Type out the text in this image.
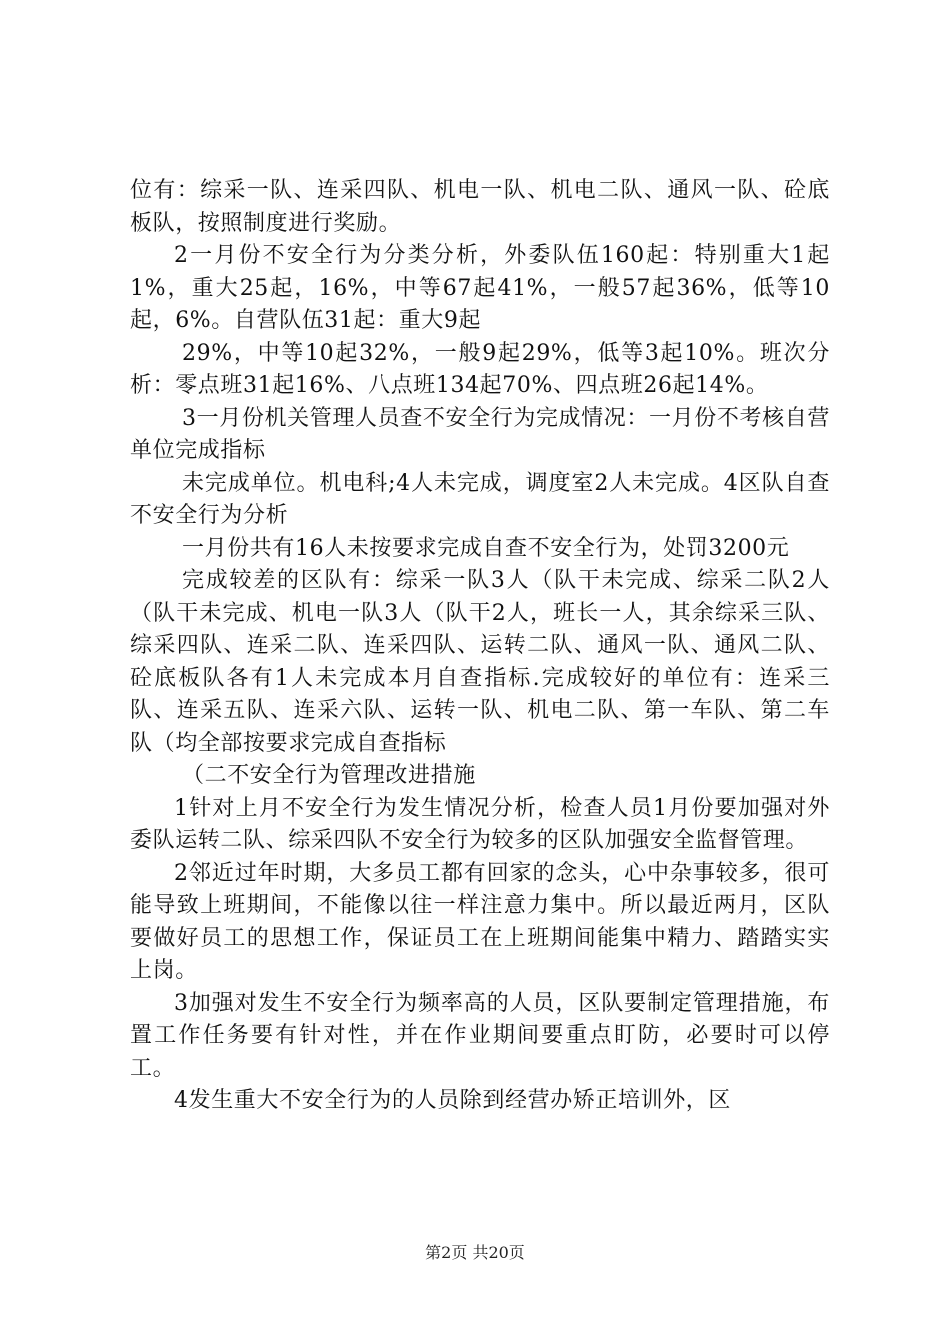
位有：综采一队、连采四队、机电一队、机电二队、通风一队、砼底板队，按照制度进行奖励。

2一月份不安全行为分类分析，外委队伍160起：特别重大1起1%，重大25起，16%，中等67起41%，一般57起36%，低等10起，6%。自营队伍31起：重大9起

29%，中等10起32%，一般9起29%，低等3起10%。班次分析：零点班31起16%、八点班134起70%、四点班26起14%。

3一月份机关管理人员查不安全行为完成情况：一月份不考核自营单位完成指标

未完成单位。机电科;4人未完成，调度室2人未完成。4区队自查不安全行为分析

一月份共有16人未按要求完成自查不安全行为，处罚3200元

完成较差的区队有：综采一队3人（队干未完成、综采二队2人（队干未完成、机电一队3人（队干2人，班长一人，其余综采三队、综采四队、连采二队、连采四队、运转二队、通风一队、通风二队、砼底板队各有1人未完成本月自查指标.完成较好的单位有：连采三队、连采五队、连采六队、运转一队、机电二队、第一车队、第二车队（均全部按要求完成自查指标

（二不安全行为管理改进措施

1针对上月不安全行为发生情况分析，检查人员1月份要加强对外委队运转二队、综采四队不安全行为较多的区队加强安全监督管理。

2邻近过年时期，大多员工都有回家的念头，心中杂事较多，很可能导致上班期间，不能像以往一样注意力集中。所以最近两月，区队要做好员工的思想工作，保证员工在上班期间能集中精力、踏踏实实上岗。

3加强对发生不安全行为频率高的人员，区队要制定管理措施，布置工作任务要有针对性，并在作业期间要重点盯防，必要时可以停工。

4发生重大不安全行为的人员除到经营办矫正培训外，区

第2页 共20页
